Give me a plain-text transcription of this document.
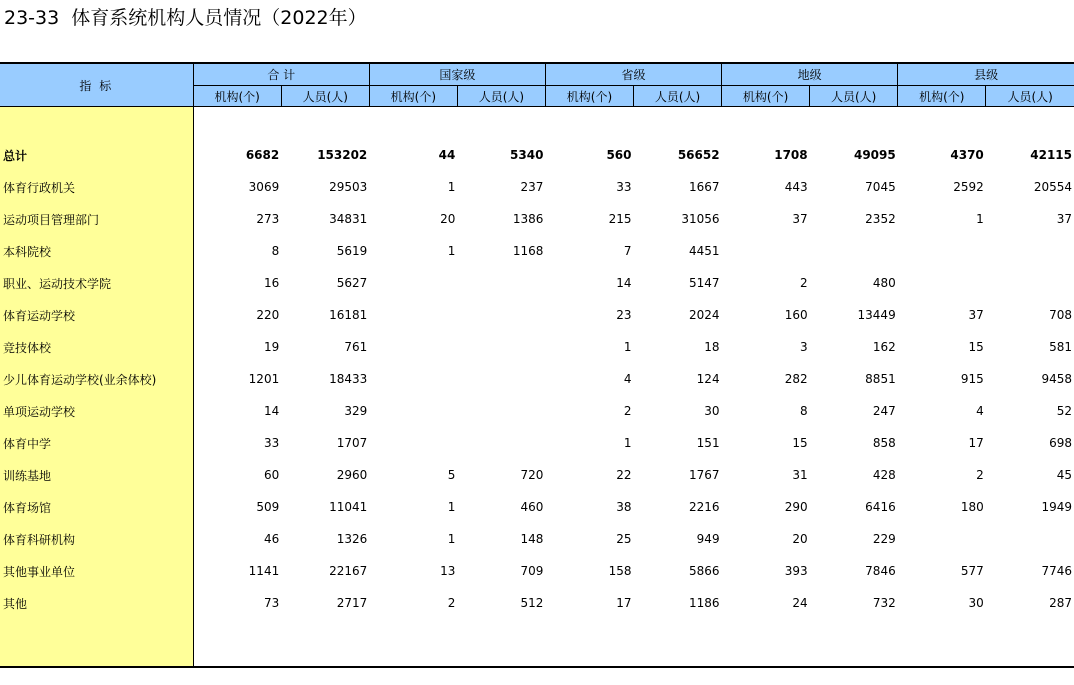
23-33  体育系统机构人员情况（2022年）
指 标	合 计		国家级		省级		地级		县级	
	机构(个)	人员(人)	机构(个)	人员(人)	机构(个)	人员(人)	机构(个)	人员(人)	机构(个)	人员(人)

总计	6682	153202	44	5340	560	56652	1708	49095	4370	42115
体育行政机关	3069	29503	1	237	33	1667	443	7045	2592	20554
运动项目管理部门	273	34831	20	1386	215	31056	37	2352	1	37
本科院校	8	5619	1	1168	7	4451				
职业、运动技术学院	16	5627			14	5147	2	480		
体育运动学校	220	16181			23	2024	160	13449	37	708
竞技体校	19	761			1	18	3	162	15	581
少儿体育运动学校(业余体校)	1201	18433			4	124	282	8851	915	9458
单项运动学校	14	329			2	30	8	247	4	52
体育中学	33	1707			1	151	15	858	17	698
训练基地	60	2960	5	720	22	1767	31	428	2	45
体育场馆	509	11041	1	460	38	2216	290	6416	180	1949
体育科研机构	46	1326	1	148	25	949	20	229		
其他事业单位	1141	22167	13	709	158	5866	393	7846	577	7746
其他	73	2717	2	512	17	1186	24	732	30	287
